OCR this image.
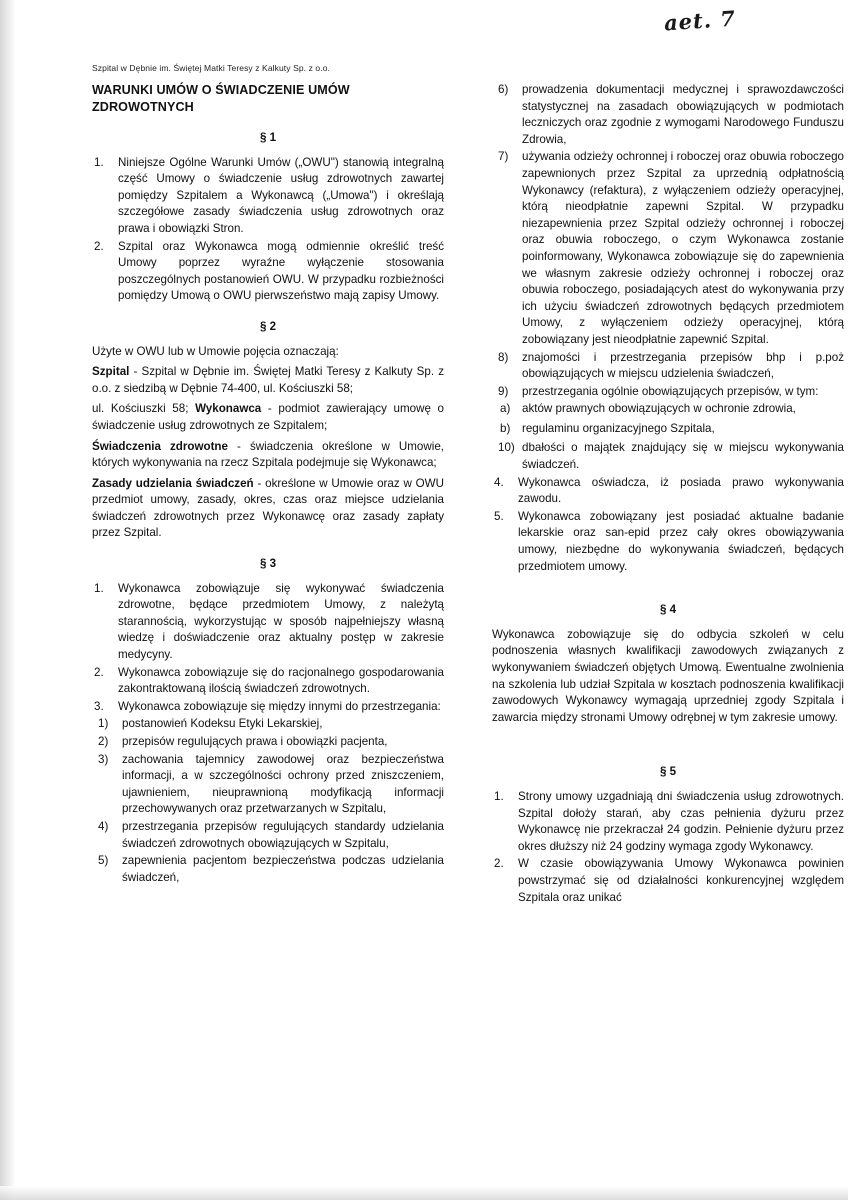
aet. 7
Szpital w Dębnie im. Świętej Matki Teresy z Kalkuty Sp. z o.o.
WARUNKI UMÓW O ŚWIADCZENIE UMÓW ZDROWOTNYCH
§ 1
1.	Niniejsze Ogólne Warunki Umów („OWU") stanowią integralną część Umowy o świadczenie usług zdrowotnych zawartej pomiędzy Szpitalem a Wykonawcą („Umowa") i określają szczegółowe zasady świadczenia usług zdrowotnych oraz prawa i obowiązki Stron.
2.	Szpital oraz Wykonawca mogą odmiennie określić treść Umowy poprzez wyraźne wyłączenie stosowania poszczególnych postanowień OWU. W przypadku rozbieżności pomiędzy Umową o OWU pierwszeństwo mają zapisy Umowy.
§ 2

Użyte w OWU lub w Umowie pojęcia oznaczają:

Szpital - Szpital w Dębnie im. Świętej Matki Teresy z Kalkuty Sp. z o.o. z siedzibą w Dębnie 74-400, ul. Kościuszki 58;

ul. Kościuszki 58; Wykonawca - podmiot zawierający umowę o świadczenie usług zdrowotnych ze Szpitalem;

Świadczenia zdrowotne - świadczenia określone w Umowie, których wykonywania na rzecz Szpitala podejmuje się Wykonawca;

Zasady udzielania świadczeń - określone w Umowie oraz w OWU przedmiot umowy, zasady, okres, czas oraz miejsce udzielania świadczeń zdrowotnych przez Wykonawcę oraz zasady zapłaty przez Szpital.

§ 3
1.	Wykonawca zobowiązuje się wykonywać świadczenia zdrowotne, będące przedmiotem Umowy, z należytą starannością, wykorzystując w sposób najpełniejszy własną wiedzę i doświadczenie oraz aktualny postęp w zakresie medycyny.
2.	Wykonawca zobowiązuje się do racjonalnego gospodarowania zakontraktowaną ilością świadczeń zdrowotnych.
3.	Wykonawca zobowiązuje się między innymi do przestrzegania:
1)	postanowień Kodeksu Etyki Lekarskiej,
2)	przepisów regulujących prawa i obowiązki pacjenta,
3)	zachowania tajemnicy zawodowej oraz bezpieczeństwa informacji, a w szczególności ochrony przed zniszczeniem, ujawnieniem, nieuprawnioną modyfikacją informacji przechowywanych oraz przetwarzanych w Szpitalu,
4)	przestrzegania przepisów regulujących standardy udzielania świadczeń zdrowotnych obowiązujących w Szpitalu,
5)	zapewnienia pacjentom bezpieczeństwa podczas udzielania świadczeń,
6)	prowadzenia dokumentacji medycznej i sprawozdawczości statystycznej na zasadach obowiązujących w podmiotach leczniczych oraz zgodnie z wymogami Narodowego Funduszu Zdrowia,
7)	używania odzieży ochronnej i roboczej oraz obuwia roboczego zapewnionych przez Szpital za uprzednią odpłatnością Wykonawcy (refaktura), z wyłączeniem odzieży operacyjnej, którą nieodpłatnie zapewni Szpital. W przypadku niezapewnienia przez Szpital odzieży ochronnej i roboczej oraz obuwia roboczego, o czym Wykonawca zostanie poinformowany, Wykonawca zobowiązuje się do zapewnienia we własnym zakresie odzieży ochronnej i roboczej oraz obuwia roboczego, posiadających atest do wykonywania przy ich użyciu świadczeń zdrowotnych będących przedmiotem Umowy, z wyłączeniem odzieży operacyjnej, którą zobowiązany jest nieodpłatnie zapewnić Szpital.
8)	znajomości i przestrzegania przepisów bhp i p.poż obowiązujących w miejscu udzielenia świadczeń,
9)	przestrzegania ogólnie obowiązujących przepisów, w tym:
a)	aktów prawnych obowiązujących w ochronie zdrowia,
b)	regulaminu organizacyjnego Szpitala,
10) dbałości o majątek znajdujący się w miejscu wykonywania świadczeń.
4.	Wykonawca oświadcza, iż posiada prawo wykonywania zawodu.
5.	Wykonawca zobowiązany jest posiadać aktualne badanie lekarskie oraz san-epid przez cały okres obowiązywania umowy, niezbędne do wykonywania świadczeń, będących przedmiotem umowy.
§ 4

Wykonawca zobowiązuje się do odbycia szkoleń w celu podnoszenia własnych kwalifikacji zawodowych związanych z wykonywaniem świadczeń objętych Umową. Ewentualne zwolnienia na szkolenia lub udział Szpitala w kosztach podnoszenia kwalifikacji zawodowych Wykonawcy wymagają uprzedniej zgody Szpitala i zawarcia między stronami Umowy odrębnej w tym zakresie umowy.

§ 5
1.	Strony umowy uzgadniają dni świadczenia usług zdrowotnych. Szpital dołoży starań, aby czas pełnienia dyżuru przez Wykonawcę nie przekraczał 24 godzin. Pełnienie dyżuru przez okres dłuższy niż 24 godziny wymaga zgody Wykonawcy.
2.	W czasie obowiązywania Umowy Wykonawca powinien powstrzymać się od działalności konkurencyjnej względem Szpitala oraz unikać
